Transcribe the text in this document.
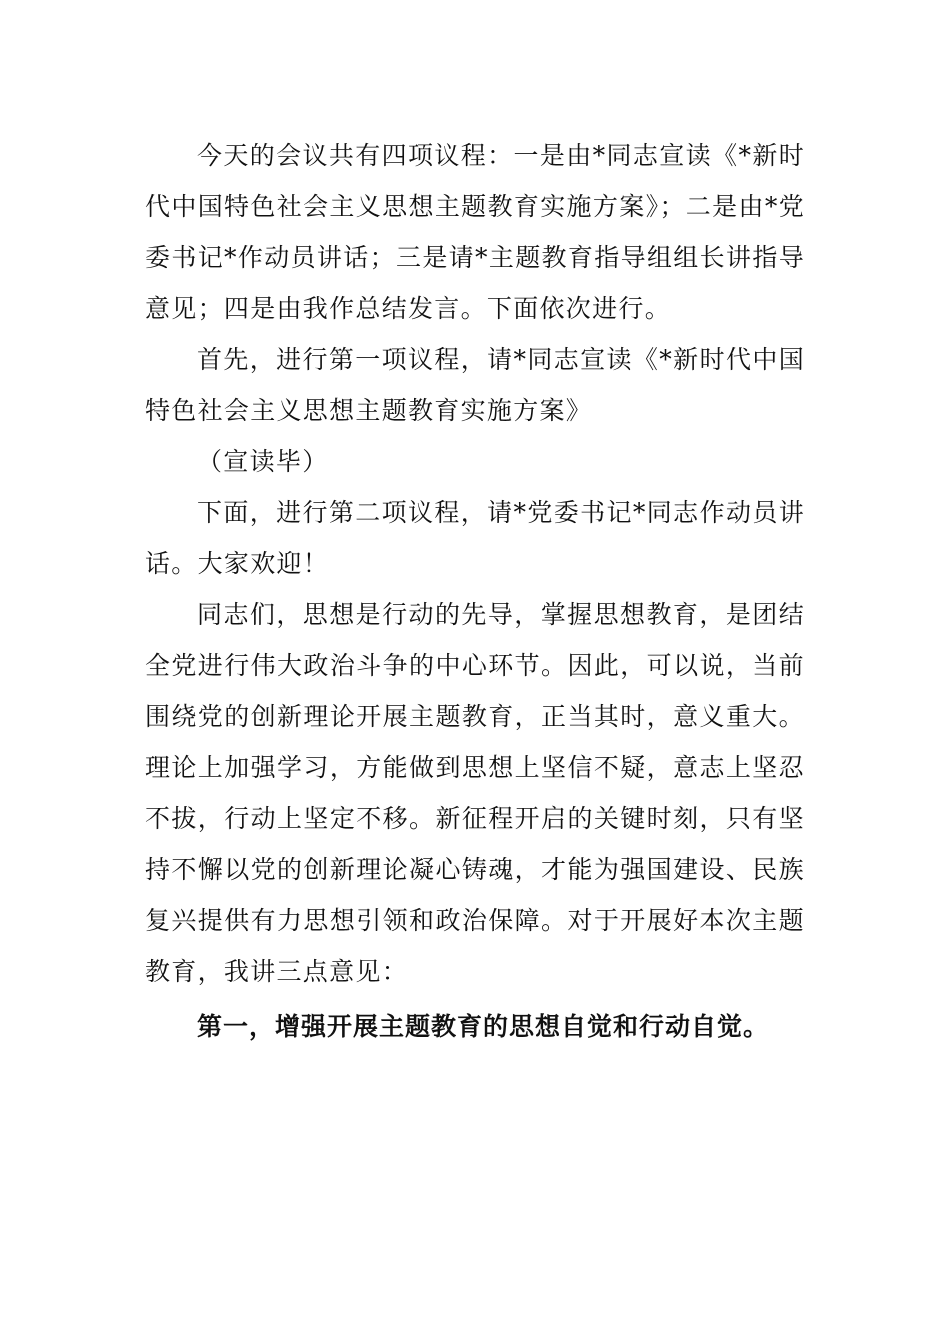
今天的会议共有四项议程：一是由*同志宣读《*新时代中国特色社会主义思想主题教育实施方案》；二是由*党委书记*作动员讲话；三是请*主题教育指导组组长讲指导意见；四是由我作总结发言。下面依次进行。

首先，进行第一项议程，请*同志宣读《*新时代中国特色社会主义思想主题教育实施方案》

（宣读毕）

下面，进行第二项议程，请*党委书记*同志作动员讲话。大家欢迎！

同志们，思想是行动的先导，掌握思想教育，是团结全党进行伟大政治斗争的中心环节。因此，可以说，当前围绕党的创新理论开展主题教育，正当其时，意义重大。理论上加强学习，方能做到思想上坚信不疑，意志上坚忍不拔，行动上坚定不移。新征程开启的关键时刻，只有坚持不懈以党的创新理论凝心铸魂，才能为强国建设、民族复兴提供有力思想引领和政治保障。对于开展好本次主题教育，我讲三点意见：

第一，增强开展主题教育的思想自觉和行动自觉。
